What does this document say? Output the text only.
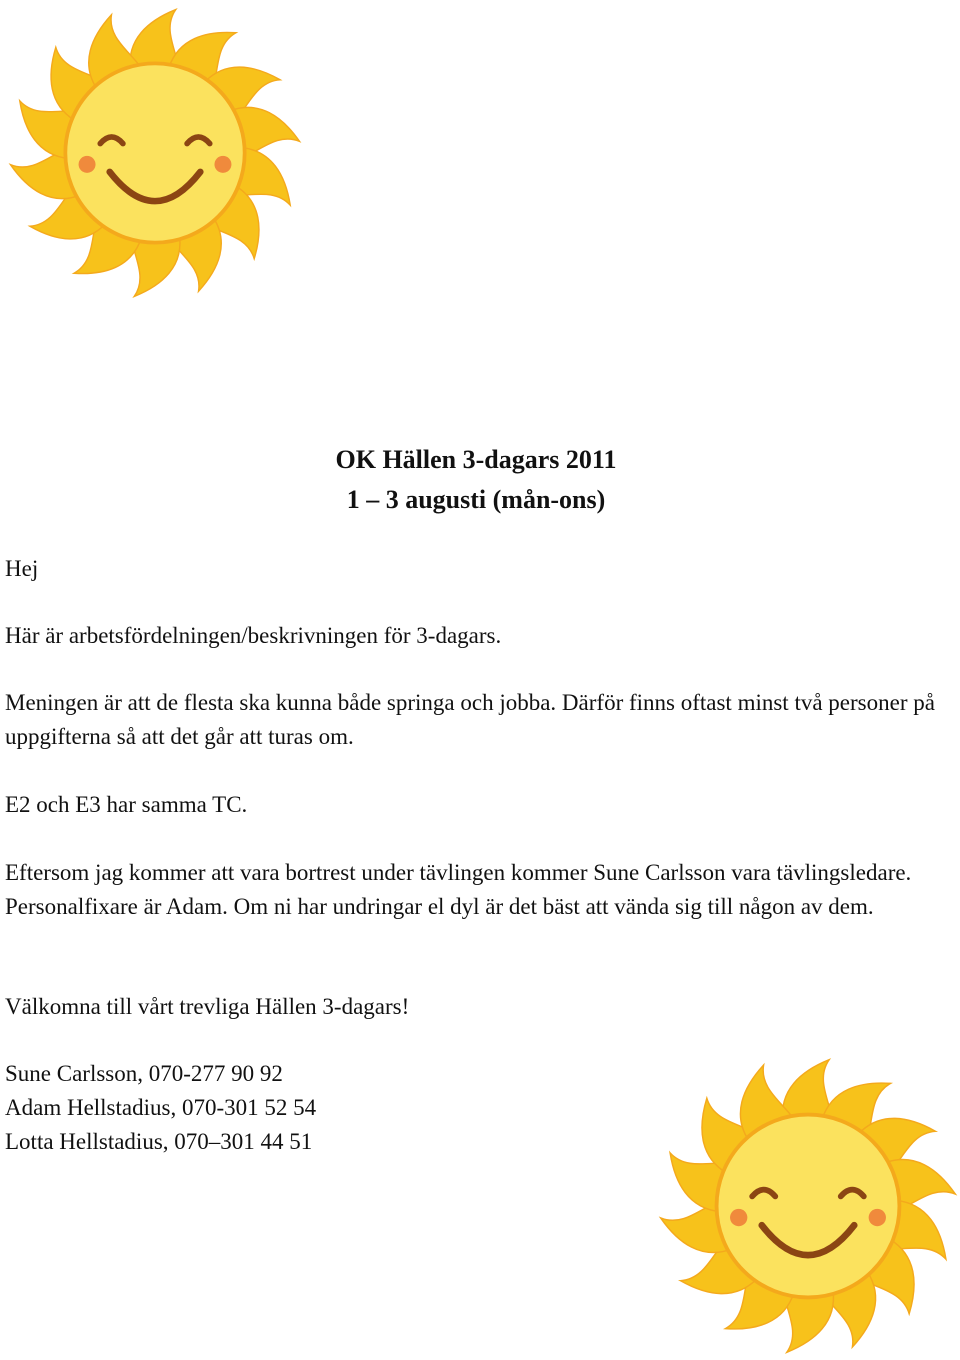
OK Hällen 3-dagars 2011
1 – 3 augusti (mån-ons)

Hej

Här är arbetsfördelningen/beskrivningen för 3-dagars.

Meningen är att de flesta ska kunna både springa och jobba. Därför finns oftast minst två personer på uppgifterna så att det går att turas om.

E2 och E3 har samma TC.

Eftersom jag kommer att vara bortrest under tävlingen kommer Sune Carlsson vara tävlingsledare. Personalfixare är Adam. Om ni har undringar el dyl är det bäst att vända sig till någon av dem.

Välkomna till vårt trevliga Hällen 3-dagars!

Sune Carlsson, 070-277 90 92
Adam Hellstadius, 070-301 52 54
Lotta Hellstadius, 070–301 44 51
